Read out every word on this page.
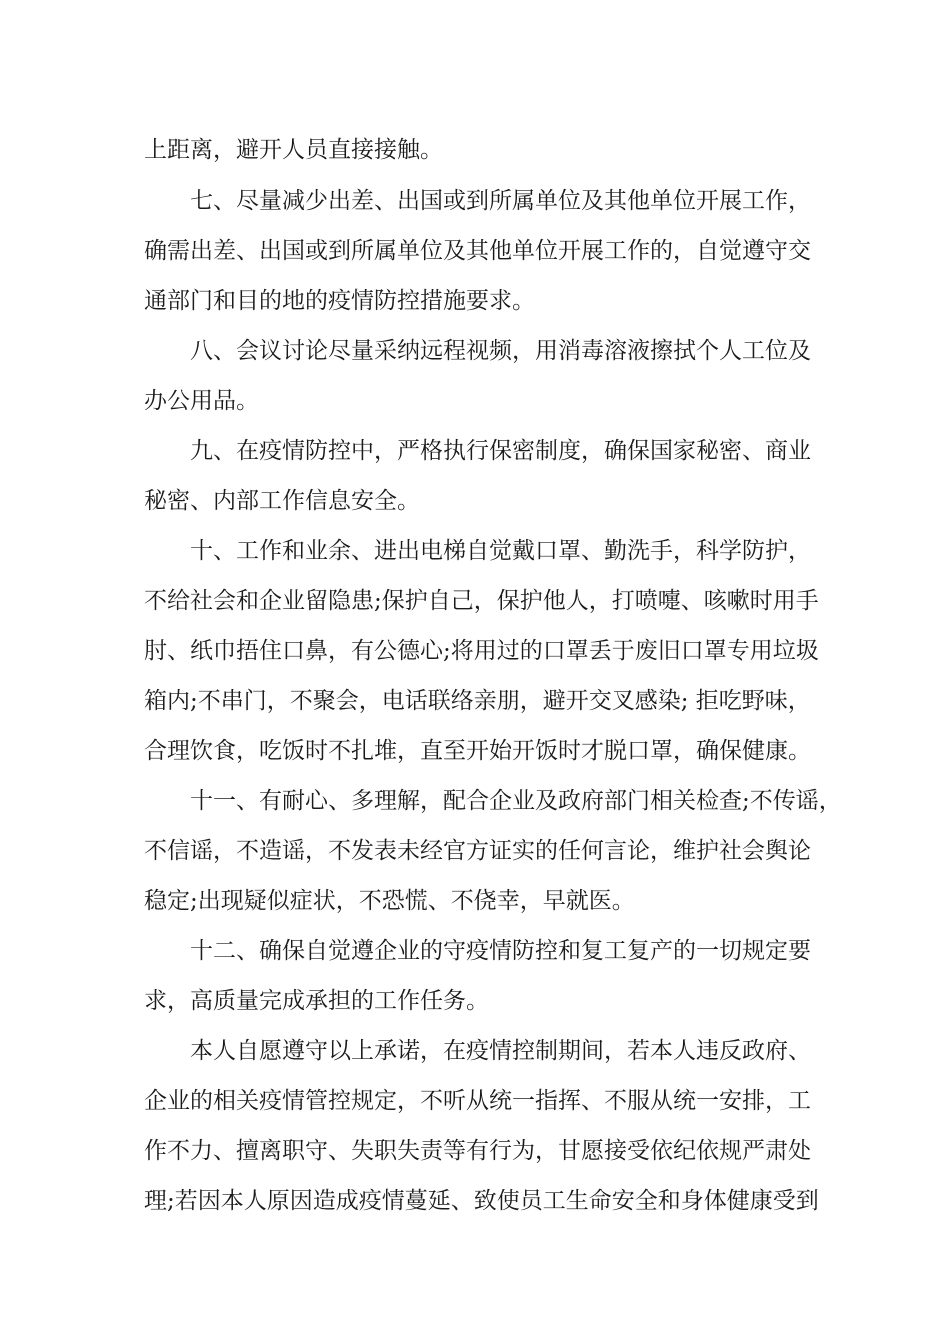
上距离，避开人员直接接触。
七、尽量减少出差、出国或到所属单位及其他单位开展工作，
确需出差、出国或到所属单位及其他单位开展工作的，自觉遵守交
通部门和目的地的疫情防控措施要求。
八、会议讨论尽量采纳远程视频，用消毒溶液擦拭个人工位及
办公用品。
九、在疫情防控中，严格执行保密制度，确保国家秘密、商业
秘密、内部工作信息安全。
十、工作和业余、进出电梯自觉戴口罩、勤洗手，科学防护，
不给社会和企业留隐患;保护自己，保护他人，打喷嚏、咳嗽时用手
肘、纸巾捂住口鼻，有公德心;将用过的口罩丢于废旧口罩专用垃圾
箱内;不串门，不聚会，电话联络亲朋，避开交叉感染; 拒吃野味，
合理饮食，吃饭时不扎堆，直至开始开饭时才脱口罩，确保健康。
十一、有耐心、多理解，配合企业及政府部门相关检查;不传谣，
不信谣，不造谣，不发表未经官方证实的任何言论，维护社会舆论
稳定;出现疑似症状，不恐慌、不侥幸，早就医。
十二、确保自觉遵企业的守疫情防控和复工复产的一切规定要
求，高质量完成承担的工作任务。
本人自愿遵守以上承诺，在疫情控制期间，若本人违反政府、
企业的相关疫情管控规定，不听从统一指挥、不服从统一安排，工
作不力、擅离职守、失职失责等有行为，甘愿接受依纪依规严肃处
理;若因本人原因造成疫情蔓延、致使员工生命安全和身体健康受到
